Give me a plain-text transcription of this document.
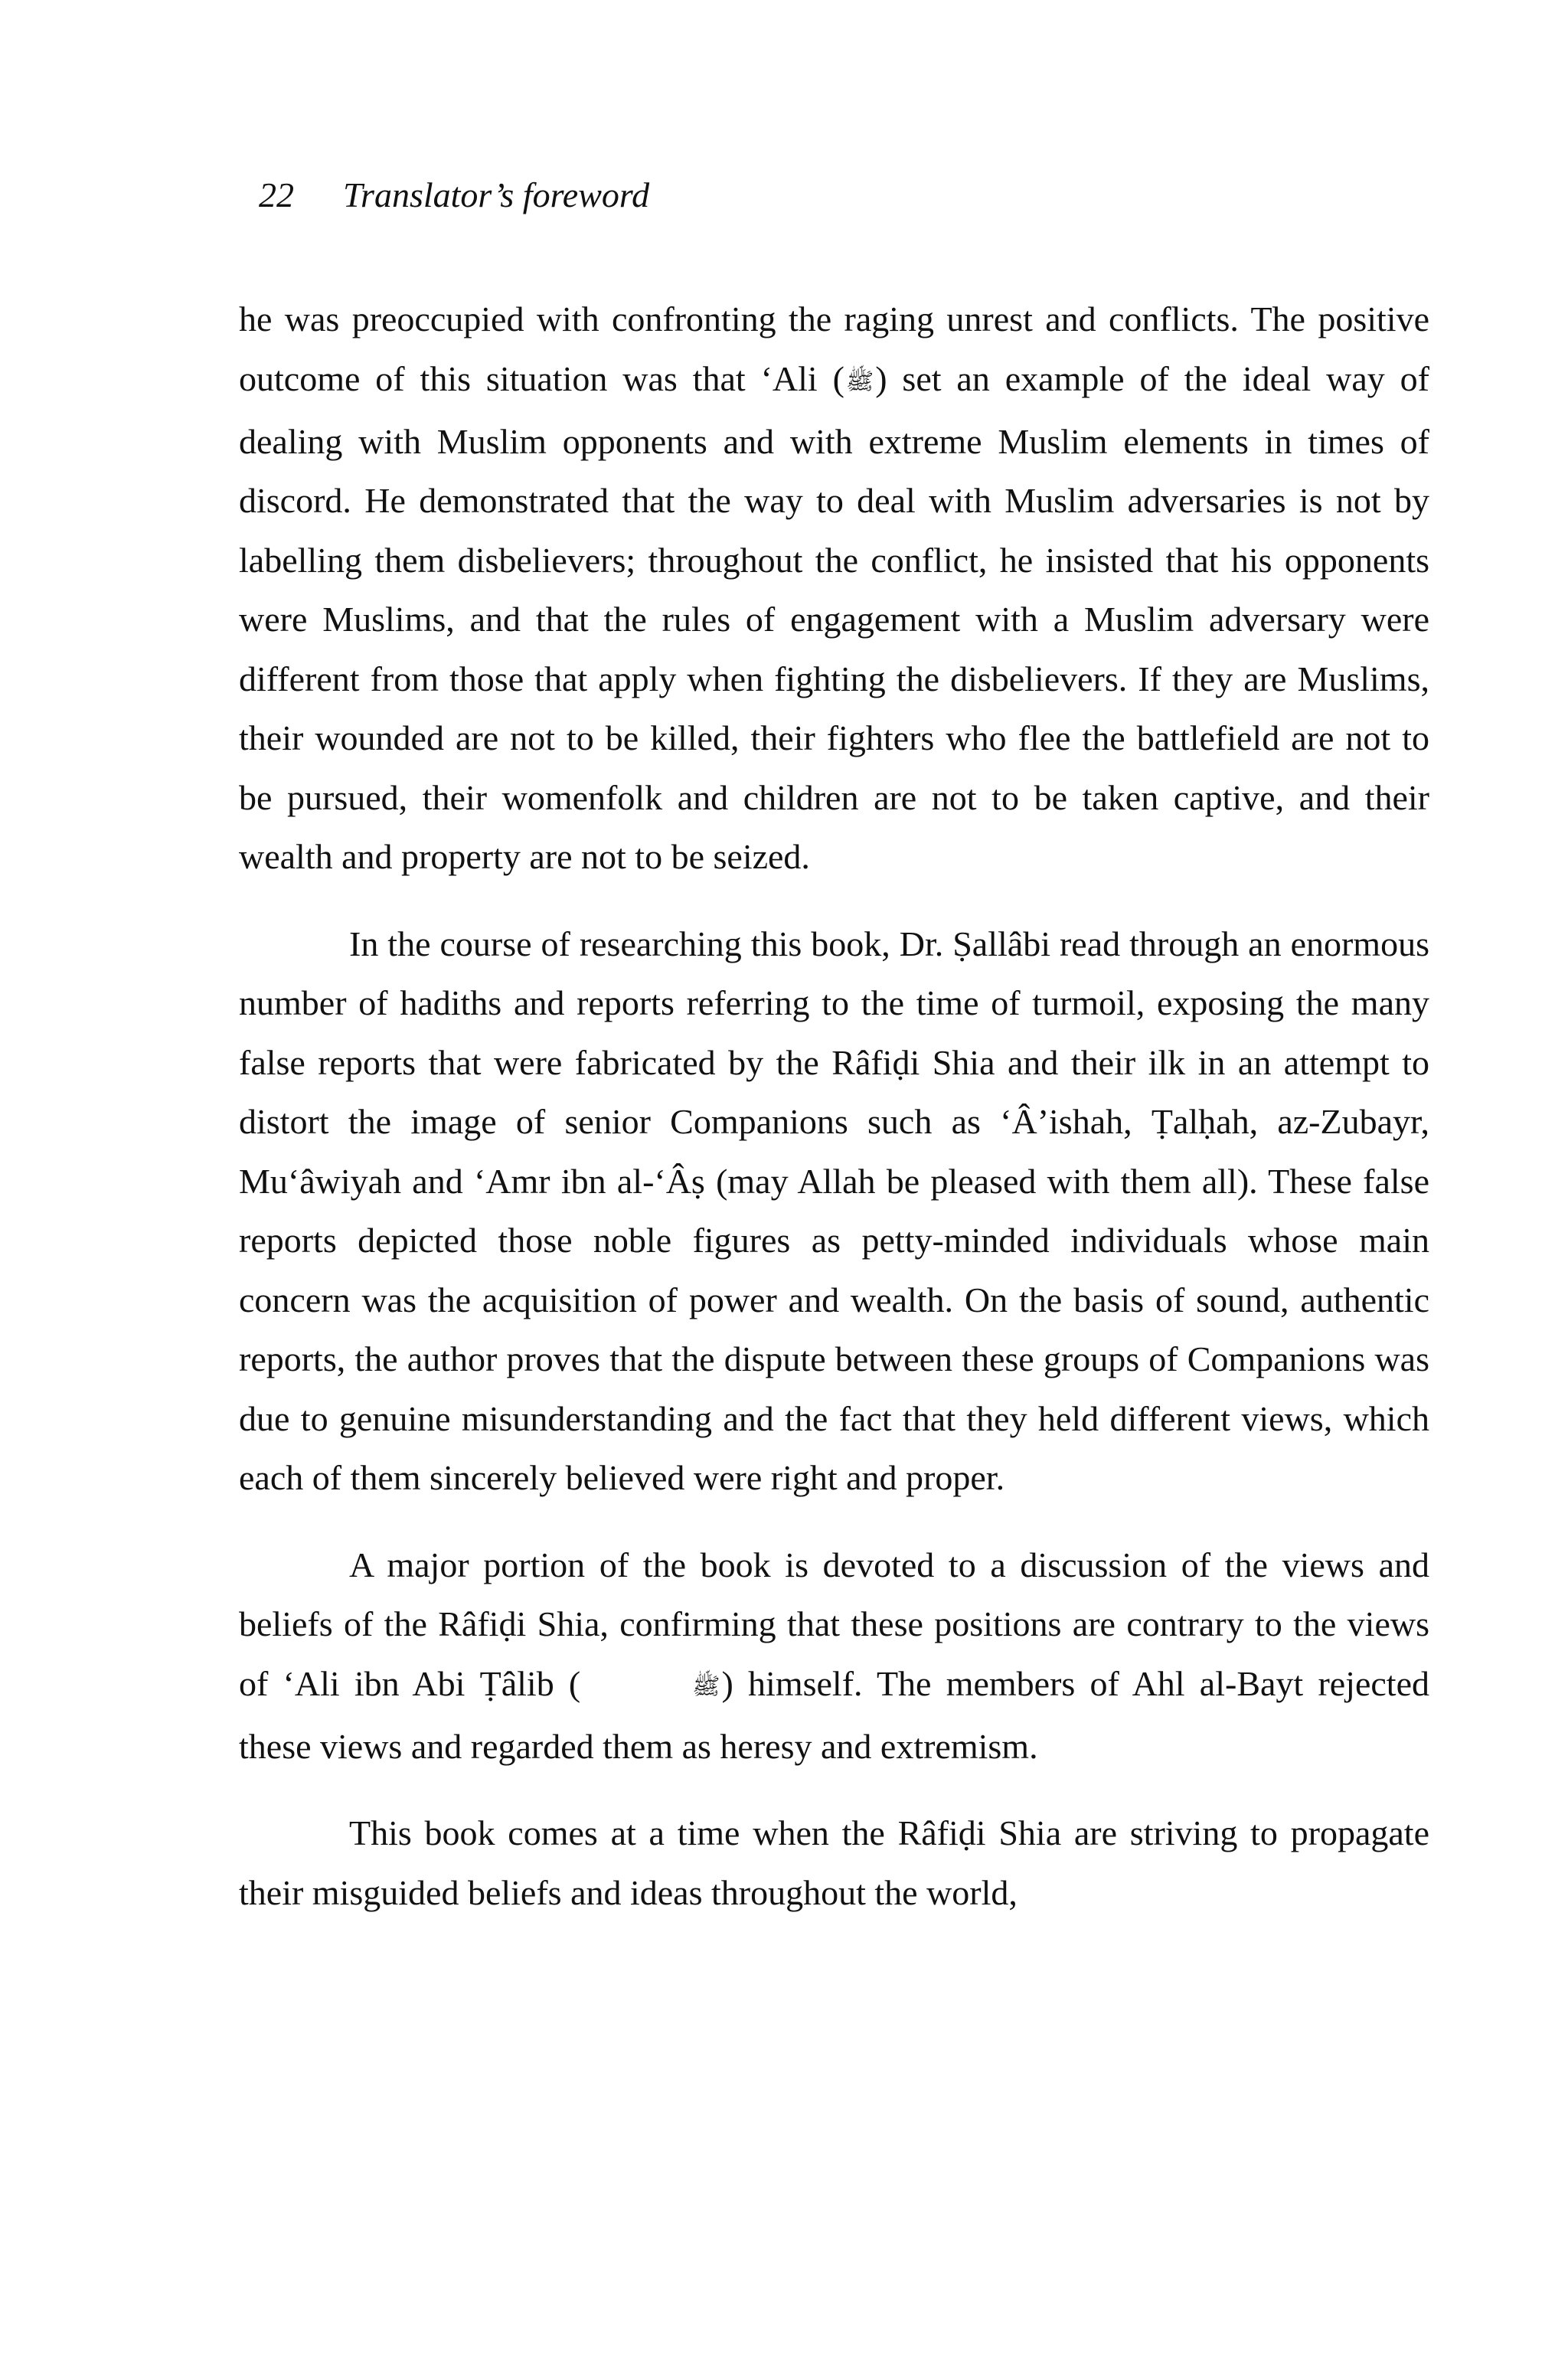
22 Translator’s foreword

he was preoccupied with confronting the raging unrest and conflicts. The positive outcome of this situation was that ‘Ali (ﷺ) set an example of the ideal way of dealing with Muslim opponents and with extreme Muslim elements in times of discord. He demonstrated that the way to deal with Muslim adversaries is not by labelling them disbelievers; throughout the conflict, he insisted that his opponents were Muslims, and that the rules of engagement with a Muslim adversary were different from those that apply when fighting the disbelievers. If they are Muslims, their wounded are not to be killed, their fighters who flee the battlefield are not to be pursued, their womenfolk and children are not to be taken captive, and their wealth and property are not to be seized.

In the course of researching this book, Dr. Ṣallâbi read through an enormous number of hadiths and reports referring to the time of turmoil, exposing the many false reports that were fabricated by the Râfiḍi Shia and their ilk in an attempt to distort the image of senior Companions such as ‘Â’ishah, Ṭalḥah, az-Zubayr, Mu‘âwiyah and ‘Amr ibn al-‘Âṣ (may Allah be pleased with them all). These false reports depicted those noble figures as petty-minded individuals whose main concern was the acquisition of power and wealth. On the basis of sound, authentic reports, the author proves that the dispute between these groups of Companions was due to genuine misunderstanding and the fact that they held different views, which each of them sincerely believed were right and proper.

A major portion of the book is devoted to a discussion of the views and beliefs of the Râfiḍi Shia, confirming that these positions are contrary to the views of ‘Ali ibn Abi Ṭâlib (	ﷺ) himself. The members of Ahl al-Bayt rejected these views and regarded them as heresy and extremism.

This book comes at a time when the Râfiḍi Shia are striving to propagate their misguided beliefs and ideas throughout the world,
